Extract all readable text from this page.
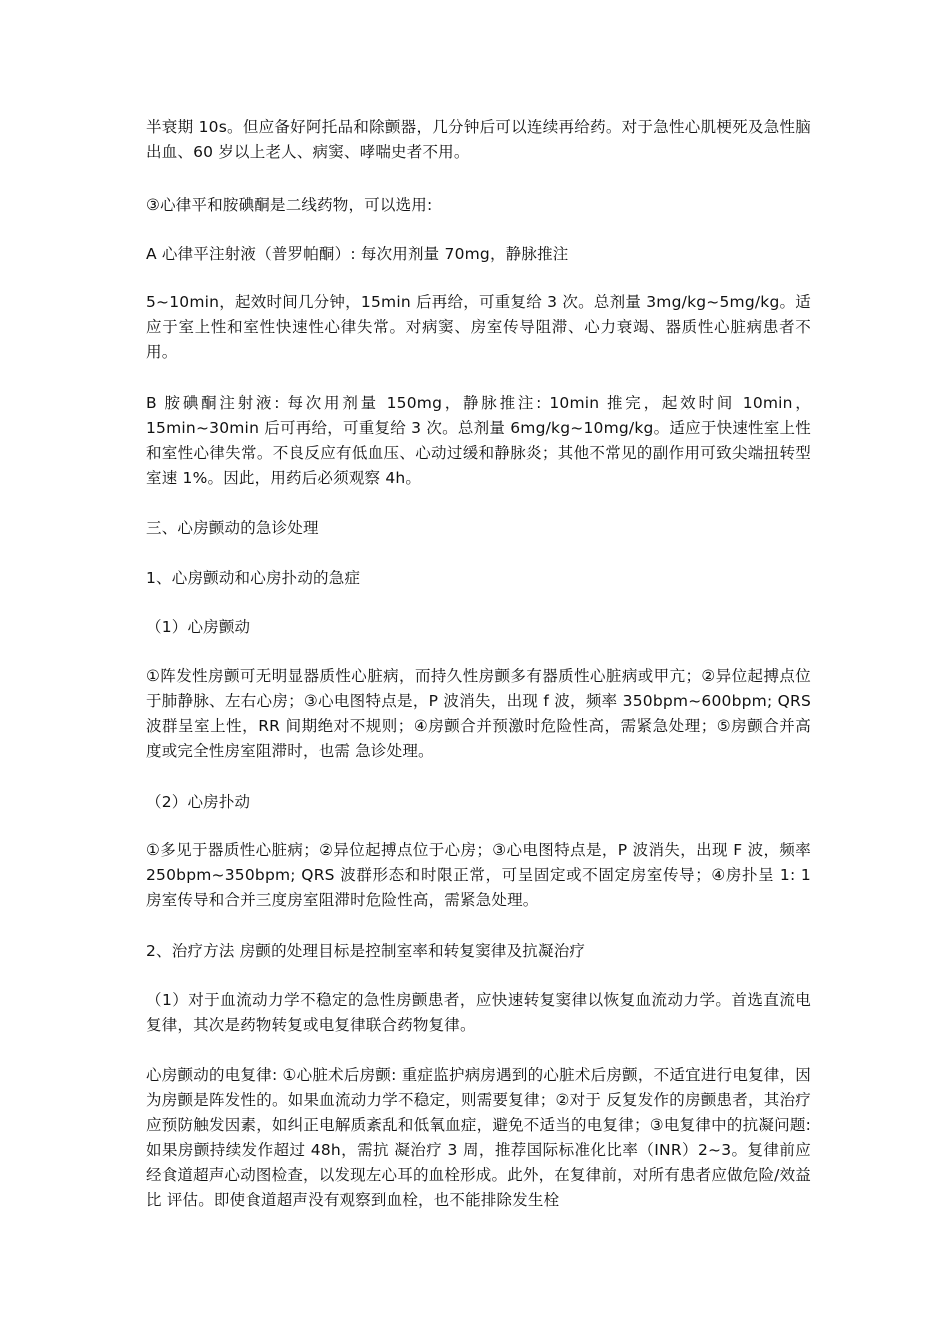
半衰期 10s。但应备好阿托品和除颤器，几分钟后可以连续再给药。对于急性心肌梗死及急性脑出血、60 岁以上老人、病窦、哮喘史者不用。

③心律平和胺碘酮是二线药物，可以选用:

A 心律平注射液（普罗帕酮）: 每次用剂量 70mg，静脉推注

5~10min，起效时间几分钟，15min 后再给，可重复给 3 次。总剂量 3mg/kg~5mg/kg。适应于室上性和室性快速性心律失常。对病窦、房室传导阻滞、心力衰竭、器质性心脏病患者不用。

B 胺碘酮注射液: 每次用剂量 150mg，静脉推注: 10min 推完，起效时间 10min，15min~30min 后可再给，可重复给 3 次。总剂量 6mg/kg~10mg/kg。适应于快速性室上性和室性心律失常。不良反应有低血压、心动过缓和静脉炎；其他不常见的副作用可致尖端扭转型室速 1%。因此，用药后必须观察 4h。

三、心房颤动的急诊处理

1、心房颤动和心房扑动的急症

（1）心房颤动

①阵发性房颤可无明显器质性心脏病，而持久性房颤多有器质性心脏病或甲亢；②异位起搏点位于肺静脉、左右心房；③心电图特点是，P 波消失，出现 f 波，频率 350bpm~600bpm; QRS 波群呈室上性，RR 间期绝对不规则；④房颤合并预激时危险性高，需紧急处理；⑤房颤合并高度或完全性房室阻滞时，也需 急诊处理。

（2）心房扑动

①多见于器质性心脏病；②异位起搏点位于心房；③心电图特点是，P 波消失，出现 F 波，频率 250bpm~350bpm; QRS 波群形态和时限正常，可呈固定或不固定房室传导；④房扑呈 1: 1 房室传导和合并三度房室阻滞时危险性高，需紧急处理。

2、治疗方法 房颤的处理目标是控制室率和转复窦律及抗凝治疗

（1）对于血流动力学不稳定的急性房颤患者，应快速转复窦律以恢复血流动力学。首选直流电复律，其次是药物转复或电复律联合药物复律。

心房颤动的电复律: ①心脏术后房颤: 重症监护病房遇到的心脏术后房颤，不适宜进行电复律，因为房颤是阵发性的。如果血流动力学不稳定，则需要复律；②对于 反复发作的房颤患者，其治疗应预防触发因素，如纠正电解质紊乱和低氧血症，避免不适当的电复律；③电复律中的抗凝问题: 如果房颤持续发作超过 48h，需抗 凝治疗 3 周，推荐国际标准化比率（INR）2~3。复律前应经食道超声心动图检查，以发现左心耳的血栓形成。此外，在复律前，对所有患者应做危险/效益比 评估。即使食道超声没有观察到血栓，也不能排除发生栓
